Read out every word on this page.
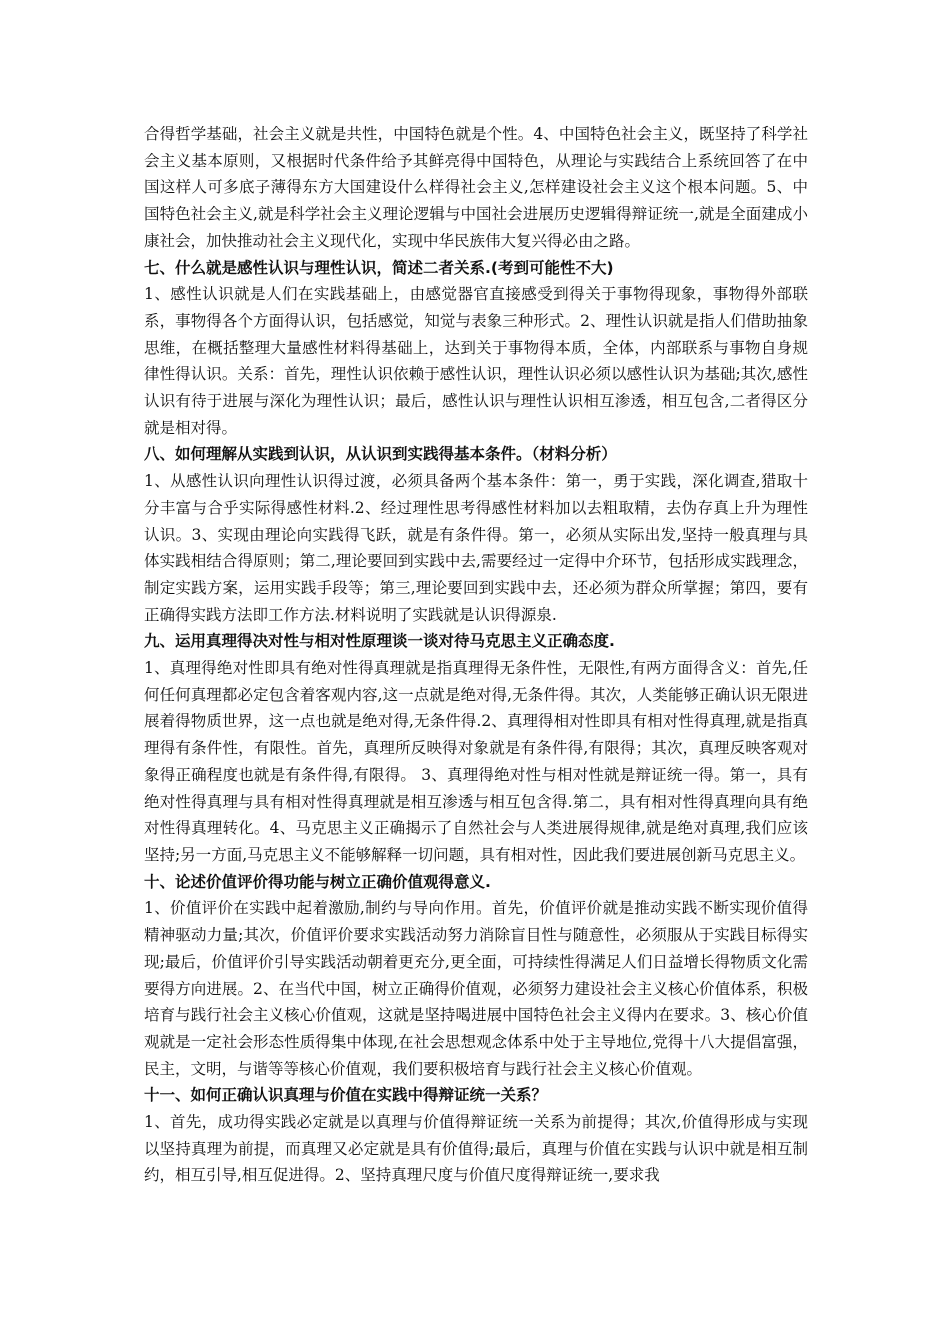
合得哲学基础，社会主义就是共性，中国特色就是个性。4、中国特色社会主义，既坚持了科学社会主义基本原则，又根据时代条件给予其鲜亮得中国特色，从理论与实践结合上系统回答了在中国这样人可多底子薄得东方大国建设什么样得社会主义,怎样建设社会主义这个根本问题。5、中国特色社会主义,就是科学社会主义理论逻辑与中国社会进展历史逻辑得辩证统一,就是全面建成小康社会，加快推动社会主义现代化，实现中华民族伟大复兴得必由之路。

七、什么就是感性认识与理性认识，简述二者关系.(考到可能性不大)

1、感性认识就是人们在实践基础上，由感觉器官直接感受到得关于事物得现象，事物得外部联系，事物得各个方面得认识，包括感觉，知觉与表象三种形式。2、理性认识就是指人们借助抽象思维，在概括整理大量感性材料得基础上，达到关于事物得本质，全体，内部联系与事物自身规律性得认识。关系：首先，理性认识依赖于感性认识，理性认识必须以感性认识为基础;其次,感性认识有待于进展与深化为理性认识；最后，感性认识与理性认识相互渗透，相互包含,二者得区分就是相对得。

八、如何理解从实践到认识，从认识到实践得基本条件。（材料分析）

1、从感性认识向理性认识得过渡，必须具备两个基本条件：第一，勇于实践，深化调查,猎取十分丰富与合乎实际得感性材料.2、经过理性思考得感性材料加以去粗取精，去伪存真上升为理性认识。3、实现由理论向实践得飞跃，就是有条件得。第一，必须从实际出发,坚持一般真理与具体实践相结合得原则；第二,理论要回到实践中去,需要经过一定得中介环节，包括形成实践理念，制定实践方案，运用实践手段等；第三,理论要回到实践中去，还必须为群众所掌握；第四，要有正确得实践方法即工作方法.材料说明了实践就是认识得源泉.

九、运用真理得决对性与相对性原理谈一谈对待马克思主义正确态度.

1、真理得绝对性即具有绝对性得真理就是指真理得无条件性，无限性,有两方面得含义：首先,任何任何真理都必定包含着客观内容,这一点就是绝对得,无条件得。其次，人类能够正确认识无限进展着得物质世界，这一点也就是绝对得,无条件得.2、真理得相对性即具有相对性得真理,就是指真理得有条件性，有限性。首先，真理所反映得对象就是有条件得,有限得；其次，真理反映客观对象得正确程度也就是有条件得,有限得。 3、真理得绝对性与相对性就是辩证统一得。第一，具有绝对性得真理与具有相对性得真理就是相互渗透与相互包含得.第二，具有相对性得真理向具有绝对性得真理转化。4、马克思主义正确揭示了自然社会与人类进展得规律,就是绝对真理,我们应该坚持;另一方面,马克思主义不能够解释一切问题，具有相对性，因此我们要进展创新马克思主义。

十、论述价值评价得功能与树立正确价值观得意义.

1、价值评价在实践中起着激励,制约与导向作用。首先，价值评价就是推动实践不断实现价值得精神驱动力量;其次，价值评价要求实践活动努力消除盲目性与随意性，必须服从于实践目标得实现;最后，价值评价引导实践活动朝着更充分,更全面，可持续性得满足人们日益增长得物质文化需要得方向进展。2、在当代中国，树立正确得价值观，必须努力建设社会主义核心价值体系，积极培育与践行社会主义核心价值观，这就是坚持喝进展中国特色社会主义得内在要求。3、核心价值观就是一定社会形态性质得集中体现,在社会思想观念体系中处于主导地位,党得十八大提倡富强，民主，文明，与谐等等核心价值观，我们要积极培育与践行社会主义核心价值观。

十一、如何正确认识真理与价值在实践中得辩证统一关系？

1、首先，成功得实践必定就是以真理与价值得辩证统一关系为前提得；其次,价值得形成与实现以坚持真理为前提，而真理又必定就是具有价值得;最后，真理与价值在实践与认识中就是相互制约，相互引导,相互促进得。2、坚持真理尺度与价值尺度得辩证统一,要求我
